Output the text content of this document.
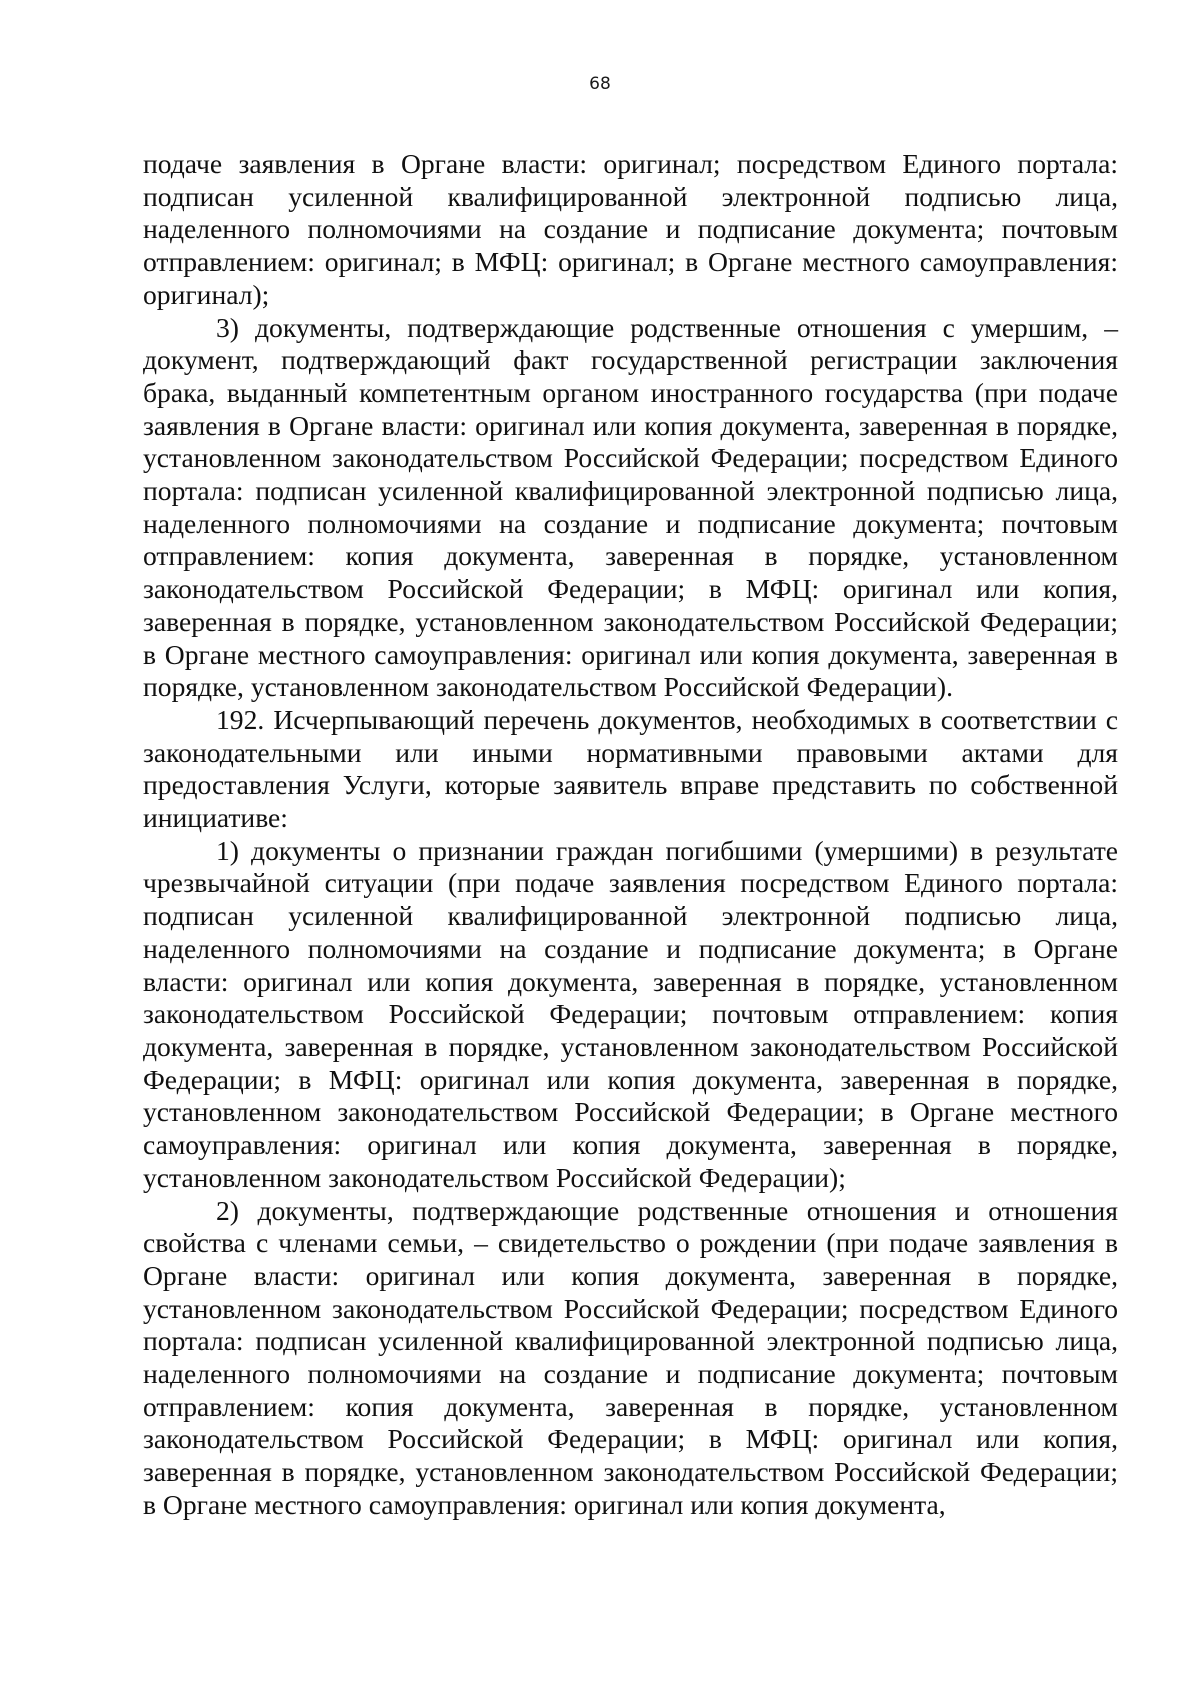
68

подаче заявления в Органе власти: оригинал; посредством Единого портала: подписан усиленной квалифицированной электронной подписью лица, наделенного полномочиями на создание и подписание документа; почтовым отправлением: оригинал; в МФЦ: оригинал; в Органе местного самоуправления: оригинал);

3) документы, подтверждающие родственные отношения с умершим, – документ, подтверждающий факт государственной регистрации заключения брака, выданный компетентным органом иностранного государства (при подаче заявления в Органе власти: оригинал или копия документа, заверенная в порядке, установленном законодательством Российской Федерации; посредством Единого портала: подписан усиленной квалифицированной электронной подписью лица, наделенного полномочиями на создание и подписание документа; почтовым отправлением: копия документа, заверенная в порядке, установленном законодательством Российской Федерации; в МФЦ: оригинал или копия, заверенная в порядке, установленном законодательством Российской Федерации; в Органе местного самоуправления: оригинал или копия документа, заверенная в порядке, установленном законодательством Российской Федерации).

192. Исчерпывающий перечень документов, необходимых в соответствии с законодательными или иными нормативными правовыми актами для предоставления Услуги, которые заявитель вправе представить по собственной инициативе:

1) документы о признании граждан погибшими (умершими) в результате чрезвычайной ситуации (при подаче заявления посредством Единого портала: подписан усиленной квалифицированной электронной подписью лица, наделенного полномочиями на создание и подписание документа; в Органе власти: оригинал или копия документа, заверенная в порядке, установленном законодательством Российской Федерации; почтовым отправлением: копия документа, заверенная в порядке, установленном законодательством Российской Федерации; в МФЦ: оригинал или копия документа, заверенная в порядке, установленном законодательством Российской Федерации; в Органе местного самоуправления: оригинал или копия документа, заверенная в порядке, установленном законодательством Российской Федерации);

2) документы, подтверждающие родственные отношения и отношения свойства с членами семьи, – свидетельство о рождении (при подаче заявления в Органе власти: оригинал или копия документа, заверенная в порядке, установленном законодательством Российской Федерации; посредством Единого портала: подписан усиленной квалифицированной электронной подписью лица, наделенного полномочиями на создание и подписание документа; почтовым отправлением: копия документа, заверенная в порядке, установленном законодательством Российской Федерации; в МФЦ: оригинал или копия, заверенная в порядке, установленном законодательством Российской Федерации; в Органе местного самоуправления: оригинал или копия документа,
